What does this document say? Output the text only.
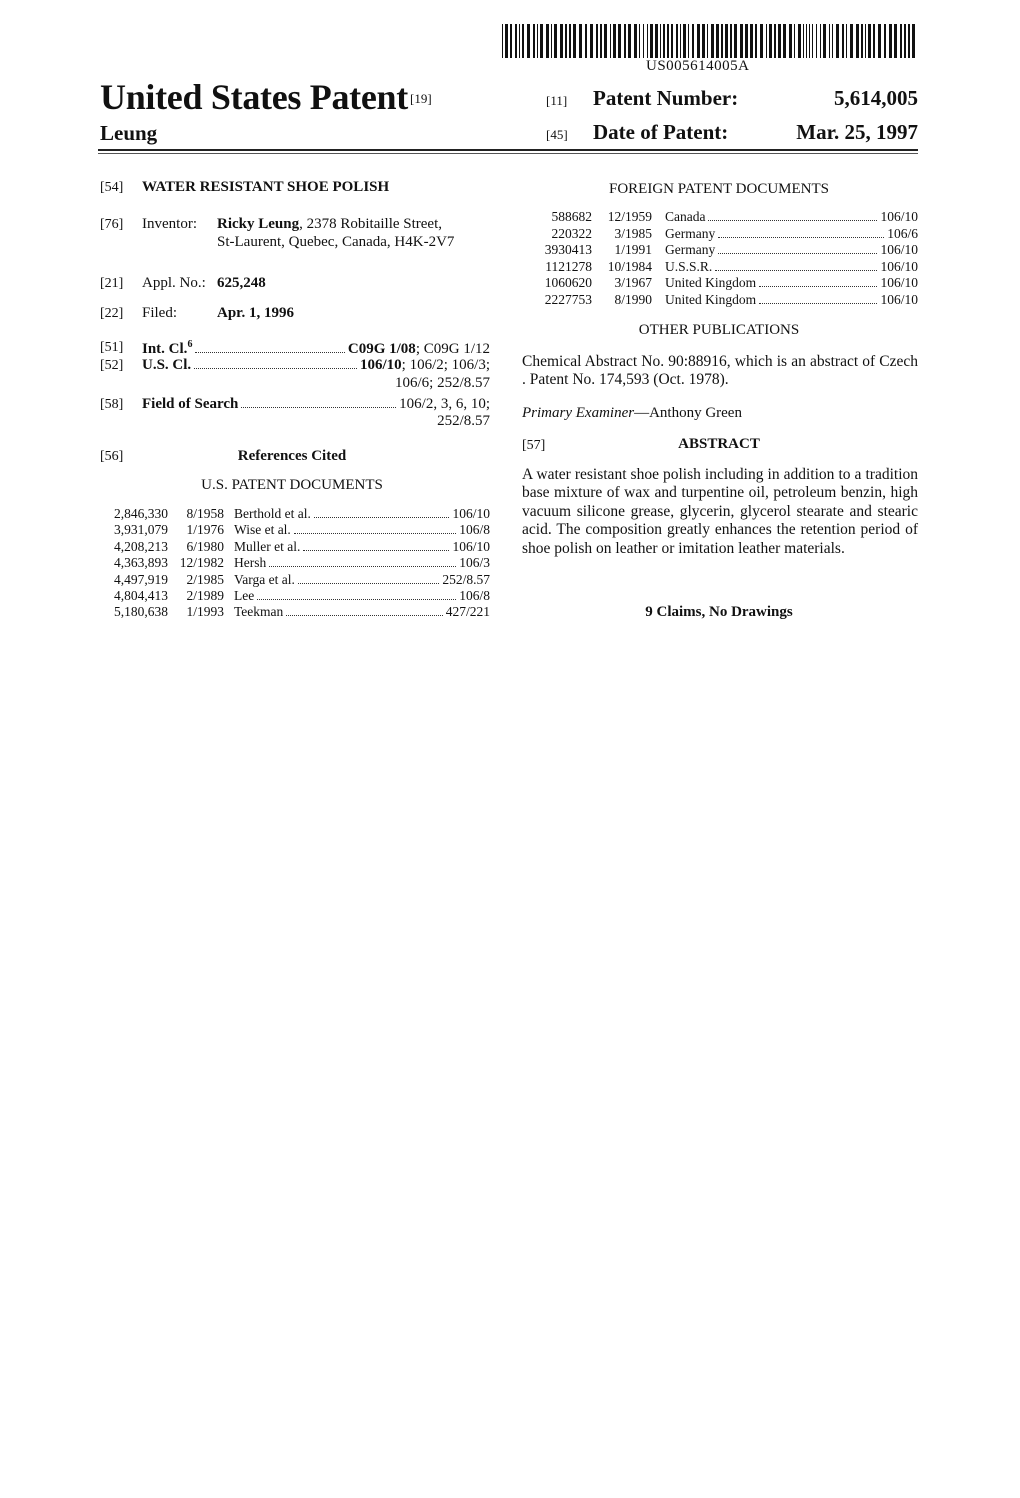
US005614005A
United States Patent [19]
Leung
[11] Patent Number:	5,614,005
[45] Date of Patent:	Mar. 25, 1997
[54] WATER RESISTANT SHOE POLISH
[76] Inventor: Ricky Leung, 2378 Robitaille Street,
St-Laurent, Quebec, Canada, H4K-2V7
[21] Appl. No.: 625,248
[22] Filed:	Apr. 1, 1996
[51] Int. Cl.$^6$	C09G 1/08; C09G 1/12
[52] U.S. Cl.	106/10; 106/2; 106/3;
106/6; 252/8.57
[58] Field of Search	106/2, 3, 6, 10;
252/8.57
[56]	References Cited
U.S. PATENT DOCUMENTS
2,846,330	8/1958 Berthold et al.	106/10
3,931,079	1/1976 Wise et al.	106/8
4,208,213	6/1980 Muller et al.	106/10
4,363,893 12/1982 Hersh	106/3
4,497,919	2/1985 Varga et al.	252/8.57
4,804,413	2/1989 Lee	106/8
5,180,638	1/1993 Teekman	427/221
FOREIGN PATENT DOCUMENTS
588682	12/1959 Canada	106/10
220322	3/1985 Germany	106/6
3930413	1/1991 Germany	106/10
1121278	10/1984 U.S.S.R.	106/10
1060620	3/1967 United Kingdom	106/10
2227753	8/1990 United Kingdom	106/10
OTHER PUBLICATIONS
Chemical Abstract No. 90:88916, which is an abstract of Czech . Patent No. 174,593 (Oct. 1978).
Primary Examiner—Anthony Green
[57]	ABSTRACT
A water resistant shoe polish including in addition to a tradition base mixture of wax and turpentine oil, petroleum benzin, high vacuum silicone grease, glycerin, glycerol stearate and stearic acid. The composition greatly enhances the retention period of shoe polish on leather or imitation leather materials.
9 Claims, No Drawings
